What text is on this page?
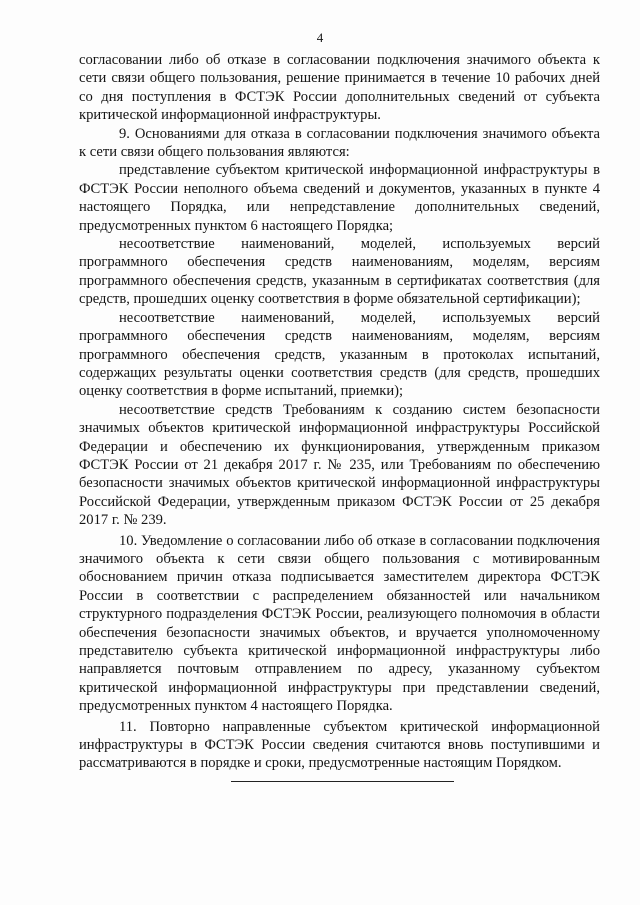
4

согласовании либо об отказе в согласовании подключения значимого объекта к сети связи общего пользования, решение принимается в течение 10 рабочих дней со дня поступления в ФСТЭК России дополнительных сведений от субъекта критической информационной инфраструктуры.

9. Основаниями для отказа в согласовании подключения значимого объекта к сети связи общего пользования являются:

представление субъектом критической информационной инфраструктуры в ФСТЭК России неполного объема сведений и документов, указанных в пункте 4 настоящего Порядка, или непредставление дополнительных сведений, предусмотренных пунктом 6 настоящего Порядка;

несоответствие наименований, моделей, используемых версий программного обеспечения средств наименованиям, моделям, версиям программного обеспечения средств, указанным в сертификатах соответствия (для средств, прошедших оценку соответствия в форме обязательной сертификации);

несоответствие наименований, моделей, используемых версий программного обеспечения средств наименованиям, моделям, версиям программного обеспечения средств, указанным в протоколах испытаний, содержащих результаты оценки соответствия средств (для средств, прошедших оценку соответствия в форме испытаний, приемки);

несоответствие средств Требованиям к созданию систем безопасности значимых объектов критической информационной инфраструктуры Российской Федерации и обеспечению их функционирования, утвержденным приказом ФСТЭК России от 21 декабря 2017 г. № 235, или Требованиям по обеспечению безопасности значимых объектов критической информационной инфраструктуры Российской Федерации, утвержденным приказом ФСТЭК России от 25 декабря 2017 г. № 239.

10. Уведомление о согласовании либо об отказе в согласовании подключения значимого объекта к сети связи общего пользования с мотивированным обоснованием причин отказа подписывается заместителем директора ФСТЭК России в соответствии с распределением обязанностей или начальником структурного подразделения ФСТЭК России, реализующего полномочия в области обеспечения безопасности значимых объектов, и вручается уполномоченному представителю субъекта критической информационной инфраструктуры либо направляется почтовым отправлением по адресу, указанному субъектом критической информационной инфраструктуры при представлении сведений, предусмотренных пунктом 4 настоящего Порядка.

11. Повторно направленные субъектом критической информационной инфраструктуры в ФСТЭК России сведения считаются вновь поступившими и рассматриваются в порядке и сроки, предусмотренные настоящим Порядком.
